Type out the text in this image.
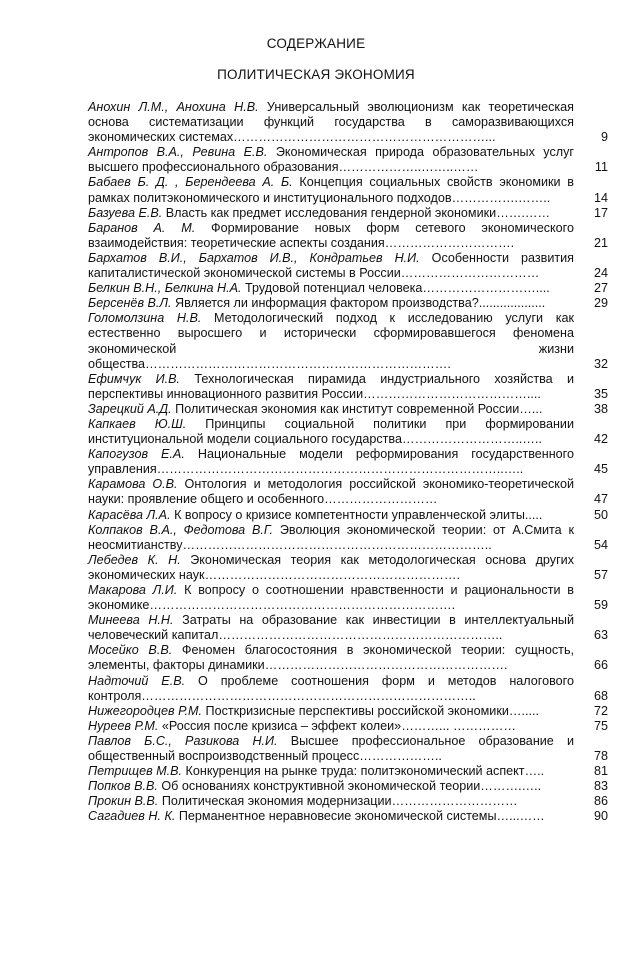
СОДЕРЖАНИЕ
ПОЛИТИЧЕСКАЯ ЭКОНОМИЯ
Анохин Л.М., Анохина Н.В. Универсальный эволюционизм как теоретическая основа систематизации функций государства в саморазвивающихся экономических системах……………………………………………………...	9
Антропов В.А., Ревина Е.В. Экономическая природа образовательных услуг высшего профессионального образования………………..……..……	11
Бабаев Б. Д. , Берендеева А. Б. Концепция социальных свойств экономики в рамках политэкономического и институционального подходов…………….……..	14
Базуева Е.В. Власть как предмет исследования гендерной экономики…….……	17
Баранов А. М. Формирование новых форм сетевого экономического взаимодействия: теоретические аспекты создания………………………….	21
Бархатов В.И., Бархатов И.В., Кондратьев Н.И. Особенности развития капиталистической экономической системы в России……………………………	24
Белкин В.Н., Белкина Н.А. Трудовой потенциал человека………………………....	27
Берсенёв В.Л. Является ли информация фактором производства?...................	29
Голомолзина Н.В. Методологический подход к исследованию услуги как естественно выросшего и исторически сформировавшегося феномена экономической жизни общества……………………………………………………………….	32
Ефимчук И.В. Технологическая пирамида индустриального хозяйства и перспективы инновационного развития России…………………………………....	35
Зарецкий А.Д. Политическая экономия как институт современной России…...	38
Капкаев Ю.Ш. Принципы социальной политики при формировании институциональной модели социального государства………………………..…..	42
Капогузов Е.А. Национальные модели реформирования государственного управления………………………………………………………………………..…..	45
Карамова О.В. Онтология и методология российской экономико-теоретической науки: проявление общего и особенного………………………	47
Карасёва Л.А. К вопросу о кризисе компетентности управленческой элиты.....	50
Колпаков В.А., Федотова В.Г. Эволюция экономической теории: от А.Смита к неосмитианству………………………………………………………………..	54
Лебедев К. Н. Экономическая теория как методологическая основа других экономических наук…………………………………………………….	57
Макарова Л.И. К вопросу о соотношении нравственности и рациональности в экономике……………………………………………………………….	59
Минеева Н.Н. Затраты на образование как инвестиции в интеллектуальный человеческий капитал…………………………………………………………..	63
Мосейко В.В. Феномен благосостояния в экономической теории: сущность, элементы, факторы динамики………………………………………………….	66
Надточий Е.В. О проблеме соотношения форм и методов налогового контроля……………………………………………………………………..	68
Нижегородцев Р.М. Посткризисные перспективы российской экономики….....	72
Нуреев Р.М. «Россия после кризиса – эффект колеи»………... ……………	75
Павлов Б.С., Разикова Н.И. Высшее профессиональное образование и общественный воспроизводственный процесс………………..	78
Петрищев М.В. Конкуренция на рынке труда: политэкономический аспект…..	81
Попков В.В. Об основаниях конструктивной экономической теории……….…..	83
Прокин В.В. Политическая экономия модернизации…………………………	86
Сагадиев Н. К. Перманентное неравновесие экономической системы…...……	90
